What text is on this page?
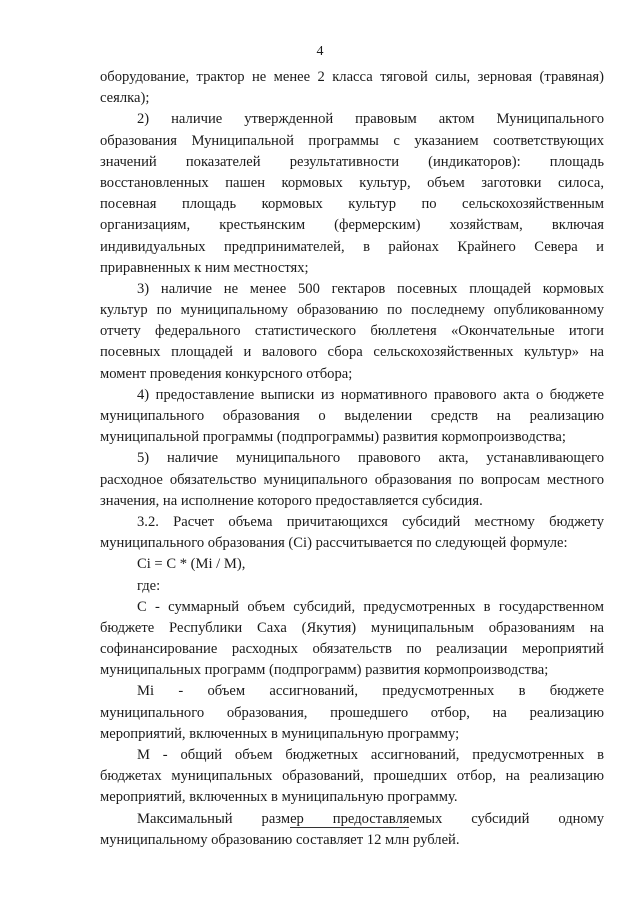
4
оборудование, трактор не менее 2 класса тяговой силы, зерновая (травяная)
сеялка);
2) наличие утвержденной правовым актом Муниципального
образования Муниципальной программы с указанием соответствующих
значений показателей результативности (индикаторов): площадь
восстановленных пашен кормовых культур, объем заготовки силоса,
посевная площадь кормовых культур по сельскохозяйственным
организациям, крестьянским (фермерским) хозяйствам, включая
индивидуальных предпринимателей, в районах Крайнего Севера и
приравненных к ним местностях;
3) наличие не менее 500 гектаров посевных площадей кормовых
культур по муниципальному образованию по последнему опубликованному
отчету федерального статистического бюллетеня «Окончательные итоги
посевных площадей и валового сбора сельскохозяйственных культур» на
момент проведения конкурсного отбора;
4) предоставление выписки из нормативного правового акта о бюджете
муниципального образования о выделении средств на реализацию
муниципальной программы (подпрограммы) развития кормопроизводства;
5) наличие муниципального правового акта, устанавливающего
расходное обязательство муниципального образования по вопросам местного
значения, на исполнение которого предоставляется субсидия.
3.2. Расчет объема причитающихся субсидий местному бюджету
муниципального образования (Ci) рассчитывается по следующей формуле:
Ci = C * (Mi / M),
где:
C - суммарный объем субсидий, предусмотренных в государственном
бюджете Республики Саха (Якутия) муниципальным образованиям на
софинансирование расходных обязательств по реализации мероприятий
муниципальных программ (подпрограмм) развития кормопроизводства;
Mi - объем ассигнований, предусмотренных в бюджете
муниципального образования, прошедшего отбор, на реализацию
мероприятий, включенных в муниципальную программу;
M - общий объем бюджетных ассигнований, предусмотренных в
бюджетах муниципальных образований, прошедших отбор, на реализацию
мероприятий, включенных в муниципальную программу.
Максимальный размер предоставляемых субсидий одному
муниципальному образованию составляет 12 млн рублей.
